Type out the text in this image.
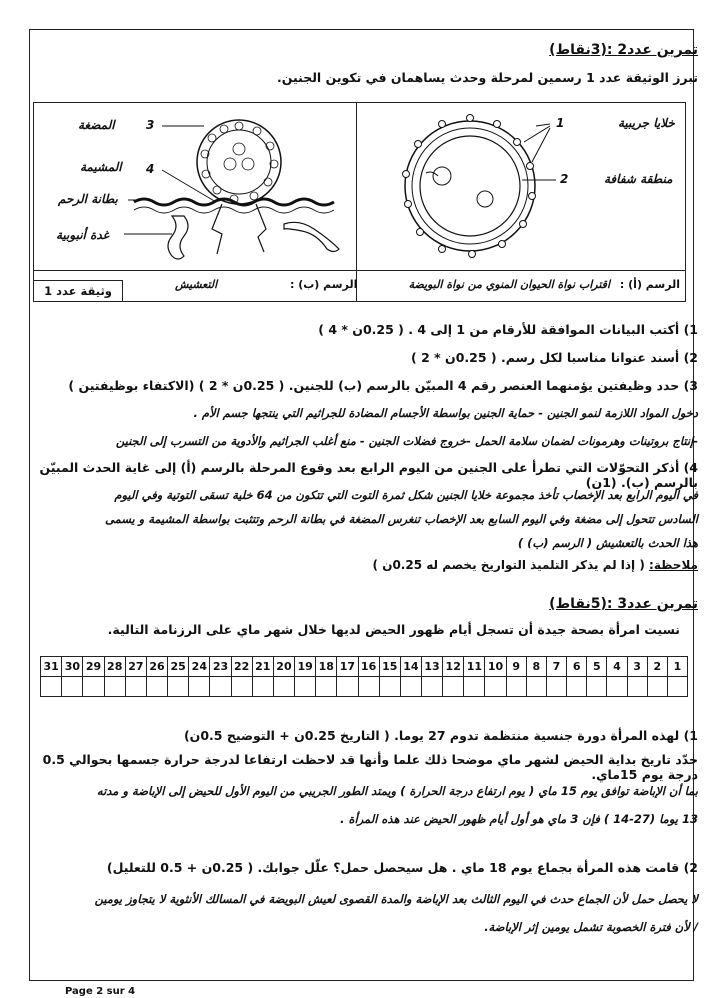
تمرين عدد2 :(3نقاط)
تبرز الوثيقة عدد 1 رسمين لمرحلة وحدث يساهمان في تكوين الجنين.
خلايا جريبية
1
منطقة شفافة
2
المضغة	3
المشيمة 4
بطانة الرحم
غدة أنبوبية
الرسم (أ) :
اقتراب نواة الحيوان المنوي من نواة البويضة
الرسم (ب) :
التعشيش
وثيقة عدد 1
1) أكتب البيانات الموافقة للأرقام من 1 إلى 4 . ( 0.25ن * 4 )
2) أسند عنوانا مناسبا لكل رسم. ( 0.25ن * 2 )
3) حدد وظيفتين يؤمنهما العنصر رقم 4 المبيّن بالرسم (ب) للجنين. ( 0.25ن * 2 ) (الاكتفاء بوظيفتين )
دخول المواد اللازمة لنمو الجنين - حماية الجنين بواسطة الأجسام المضادة للجراثيم التي ينتجها جسم الأم .
-إنتاج بروتينات وهرمونات لضمان سلامة الحمل -خروج فضلات الجنين - منع أغلب الجراثيم والأدوية من التسرب إلى الجنين
4) أذكر التحوّلات التي تطرأ على الجنين من اليوم الرابع بعد وقوع المرحلة بالرسم (أ) إلى غاية الحدث المبيّن بالرسم (ب). (1ن)
في اليوم الرابع بعد الإخصاب تأخذ مجموعة خلايا الجنين شكل ثمرة التوت التي تتكون من 64 خلية تسقى التوتية وفي اليوم
السادس تتحول إلى مضغة وفي اليوم السابع بعد الإخصاب تنغرس المضغة في بطانة الرحم وتتثبت بواسطة المشيمة و يسمى
هذا الحدث بالتعشيش ( الرسم (ب) )
ملاحظة: ( إذا لم يذكر التلميذ التواريخ يخصم له 0.25ن )
تمرين عدد3 :(5نقاط)
نسيت امرأة بصحة جيدة أن تسجل أيام ظهور الحيض لديها خلال شهر ماي على الرزنامة التالية.
1	2	3	4	5	6	7	8	9	10	11	12	13	14	15	16	17	18	19	20	21	22	23	24	25	26	27	28	29	30	31

1) لهذه المرأة دورة جنسية منتظمة تدوم 27 يوما. ( التاريخ 0.25ن + التوضيح 0.5ن)
حدّد تاريخ بداية الحيض لشهر ماي موضحا ذلك علما وأنها قد لاحظت ارتفاعا لدرجة حرارة جسمها بحوالي 0.5 درجة يوم 15ماي.
بما أن الإباضة توافق يوم 15 ماي ( يوم ارتفاع درجة الحرارة ) ويمتد الطور الجريبي من اليوم الأول للحيض إلى الإباضة و مدته
13 يوما (27-14 ) فإن 3 ماي هو أول أيام ظهور الحيض عند هذه المرأة .
2) قامت هذه المرأة بجماع يوم 18 ماي . هل سيحصل حمل؟ علّل جوابك. ( 0.25ن + 0.5 للتعليل)
لا يحصل حمل لأن الجماع حدث في اليوم الثالث بعد الإباضة والمدة القصوى لعيش البويضة في المسالك الأنثوية لا يتجاوز يومين
/ لأن فترة الخصوبة تشمل يومين إثر الإباضة.
Page 2 sur 4
